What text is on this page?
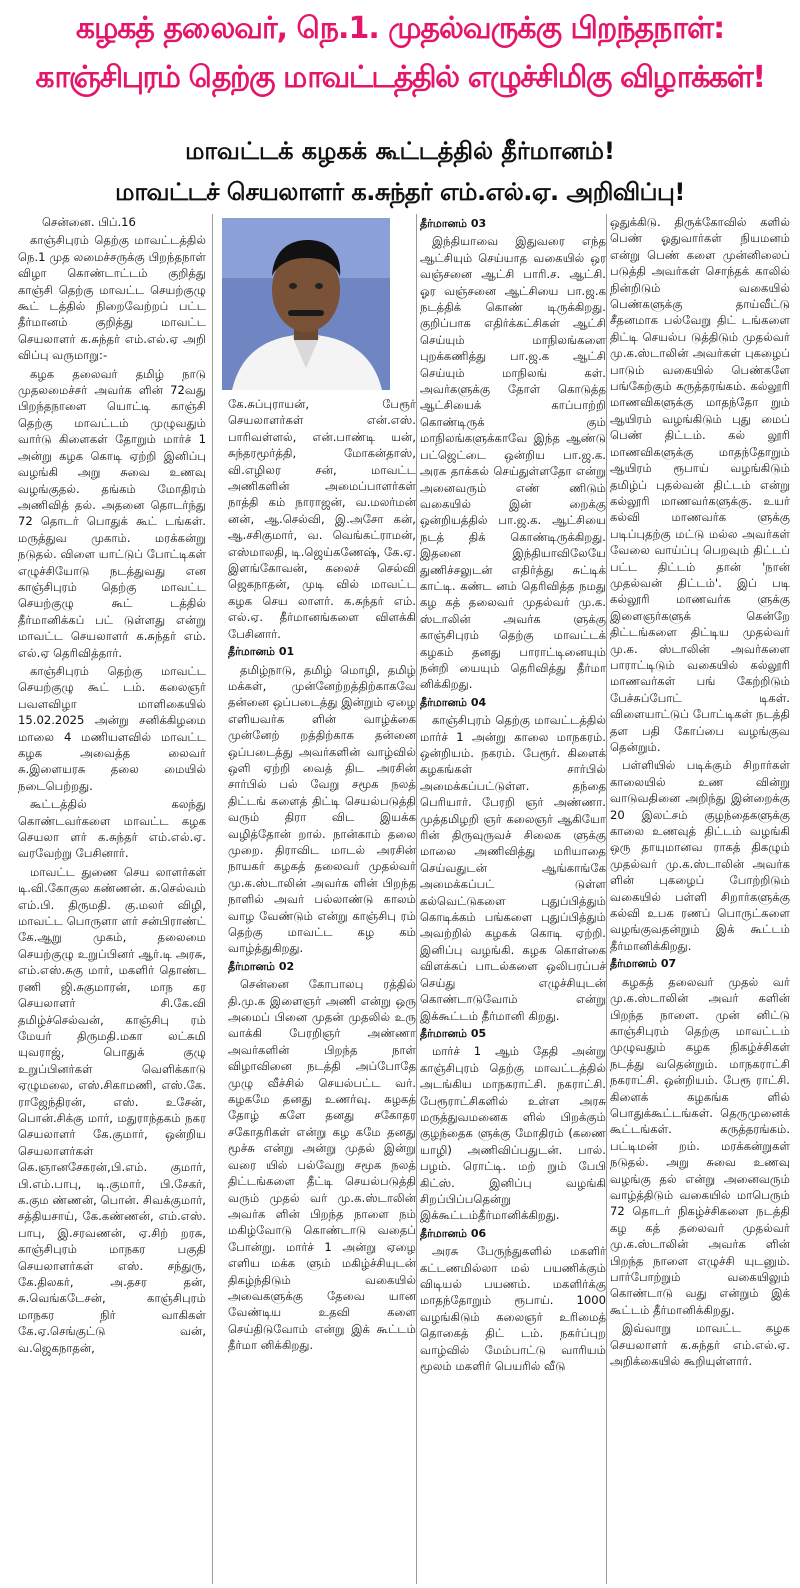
கழகத் தலைவர், நெ.1. முதல்வருக்கு பிறந்தநாள்:
காஞ்சிபுரம் தெற்கு மாவட்டத்தில் எழுச்சிமிகு விழாக்கள்!
மாவட்டக் கழகக் கூட்டத்தில் தீர்மானம்!
மாவட்டச் செயலாளர் க.சுந்தர் எம்.எல்.ஏ. அறிவிப்பு!

சென்னை. பிப்.16

காஞ்சிபுரம் தெற்கு மாவட்டத்தில் நெ.1 முத லமைச்சருக்கு பிறந்தநாள் விழா கொண்டாட்டம் குறித்து காஞ்சி தெற்கு மாவட்ட செயற்குழு கூட் டத்தில் நிறைவேற்றப் பட்ட தீர்மானம் குறித்து மாவட்ட செயலாளர் க.சுந்தர் எம்.எல்.ஏ அறி விப்பு வருமாறு:-

கழக தலைவர் தமிழ் நாடு முதலமைச்சர் அவர்க ளின் 72வது பிறந்தநாளை யொட்டி காஞ்சி தெற்கு மாவட்டம் முழுவதும் வார்டு கிளைகள் தோறும் மார்ச் 1 அன்று கழக கொடி ஏற்றி இனிப்பு வழங்கி அறு சுவை உணவு வழங்குதல். தங்கம் மோதிரம் அணிவித் தல். அதனை தொடர்ந்து 72 தொடர் பொதுக் கூட் டங்கள். மருத்துவ முகாம். மரக்கன்று நடுதல். விளை யாட்டுப் போட்டிகள் எழுச்சியோடு நடத்துவது என காஞ்சிபுரம் தெற்கு மாவட்ட செயற்குழு கூட் டத்தில் தீர்மானிக்கப் பட் டுள்ளது என்று மாவட்ட செயலாளர் க.சுந்தர் எம். எல்.ஏ தெரிவித்தார்.

காஞ்சிபுரம் தெற்கு மாவட்ட செயற்குழு கூட் டம். கலைஞர் பவளவிழா மாளிகையில் 15.02.2025 அன்று சனிக்கிழமை மாலை 4 மணியளவில் மாவட்ட கழக அவைத்த லைவர் சு.இளையரசு தலை மையில் நடைபெற்றது.

கூட்டத்தில் கலந்து கொண்டவர்களை மாவட்ட கழக செயலா ளர் க.சுந்தர் எம்.எல்.ஏ. வரவேற்று பேசினார்.

மாவட்ட துணை செய லாளர்கள் டி.வி.கோகுல கண்ணன். க.செல்வம் எம்.பி. திருமதி. கு.மலர் விழி, மாவட்ட பொருளா ளர் சன்பிராண்ட் கே.ஆறு முகம், தலைமை செயற்குழு உறுப்பினர் ஆர்.டி அரசு, எம்.எஸ்.சுகு மார், மகளிர் தொண்ட ரணி ஜி.சுகுமாரன், மாந கர செயலாளர் சி.கே.வி தமிழ்ச்செல்வன், காஞ்சிபு ரம் மேயர் திருமதி.மகா லட்சுமி யுவராஜ், பொதுக் குழு உறுப்பினர்கள் வெளிக்காடு ஏழுமலை, எஸ்.சிகாமணி, எஸ்.கே. ராஜேந்திரன், எஸ். உசேன், பொன்.சிக்கு மார், மதுராந்தகம் நகர செயலாளர் கே.குமார், ஒன்றிய செயலாளர்கள் கெ.ஞானசேகரன்,பி.எம். குமார், பி.எம்.பாபு, டி.குமார், பி.சேகர், க.கும ண்ணன், பொன். சிவக்குமார், சத்தியசாய், கே.கண்ணன், எம்.எஸ். பாபு, இ.சரவணன், ஏ.சிற் றரசு, காஞ்சிபுரம் மாநகர பகுதி செயலாளர்கள் எஸ். சந்துரு, கே.திலகர், அ.தசர தன், சு.வெங்கடேசன், காஞ்சிபுரம் மாநகர நிர் வாகிகள் கே.ஏ.செங்குட்டு வன், வ.ஜெகநாதன்,

கே.சுப்புராயன், பேரூர் செயலாளர்கள் என்.எஸ். பாரிவள்ளல், என்.பாண்டி யன், சுந்தரமூர்த்தி, மோகன்தாஸ், வி.எழிலர சன், மாவட்ட அணிகளின் அமைப்பாளர்கள் நாத்தி கம் நாராஜன், வ.மலர்மன் னன், ஆ.செல்வி, இ.அசோ கன், ஆ.சசிகுமார், வ. வெங்கட்ராமன், எஸ்மாலதி, டி.ஜெய்கணேஷ், கே.ஏ. இளங்கோவன், கலைச் செல்வி ஜெகநாதன், முடி வில் மாவட்ட கழக செய லாளர். க.சுந்தர் எம். எல்.ஏ. தீர்மானங்களை விளக்கி பேசினார்.

தீர்மானம் 01

தமிழ்நாடு, தமிழ் மொழி, தமிழ் மக்கள், முன்னேற்றத்திற்காகவே தன்னை ஒப்படைத்து இன்றும் ஏழை எளியவர்க ளின் வாழ்க்கை முன்னேற் றத்திற்காக தன்னை ஒப்படைத்து அவர்களின் வாழ்வில் ஒளி ஏற்றி வைத் திட அரசின் சார்பில் பல் வேறு சமூக நலத் திட்டங் களைத் திட்டி செயல்படுத்தி வரும் திரா விட இயக்க வழித்தோன் றால். நான்காம் தலை முறை. திராவிட மாடல் அரசின் நாயகர் கழகத் தலைவர் முதல்வர் மு.க.ஸ்டாலின் அவர்க ளின் பிறந்த நாளில் அவர் பல்லாண்டு காலம் வாழ வேண்டும் என்று காஞ்சிபு ரம் தெற்கு மாவட்ட கழ கம் வாழ்த்துகிறது.

தீர்மானம் 02

சென்னை கோபாலபு ரத்தில் தி.மு.க இளைஞர் அணி என்று ஒரு அமைப் பினை முதன் முதலில் உரு வாக்கி பேரறிஞர் அண்ணா அவர்களின் பிறந்த நாள் விழாவினை நடத்தி அப்போதே முழு வீச்சில் செயல்பட்ட வர். கழகமே தனது உணர்வு. கழகத் தோழ் களே தனது சகோதர சகோதரிகள் என்று கழ கமே தனது மூச்சு என்று அன்று முதல் இன்று வரை யில் பல்வேறு சமூக நலத் திட்டங்களை தீட்டி செயல்படுத்தி வரும் முதல் வர் மு.க.ஸ்டாலின் அவர்க ளின் பிறந்த நாளை நம் மகிழ்வோடு கொண்டாடு வதைப் போன்று. மார்ச் 1 அன்று ஏழை எளிய மக்க ளும் மகிழ்ச்சியுடன் திகழ்ந்திடும் வகையில் அவைகளுக்கு தேவை யான வேண்டிய உதவி களை செய்திடுவோம் என்று இக் கூட்டம் தீர்மா னிக்கிறது.

தீர்மானம் 03

இந்தியாவை இதுவரை எந்த ஆட்சியும் செய்யாத வகையில் ஒர வஞ்சனை ஆட்சி பாரி.ச. ஆட்சி. ஓர வஞ்சனை ஆட்சியை பா.ஜ.க நடத்திக் கொண் டிருக்கிறது. குறிப்பாக எதிர்க்கட்சிகள் ஆட்சி செய்யும் மாநிலங்களை புறக்கணித்து பா.ஜ.க ஆட்சி செய்யும் மாநிலங் கள். அவர்களுக்கு தோள் கொடுத்த ஆட்சியைக் காப்பாற்றி கொண்டிருக் கும் மாநிலங்களுக்காவே இந்த ஆண்டு பட்ஜெட்டை ஒன்றிய பா.ஜ.க. அரசு தாக்கல் செய்துள்ளதோ என்று அனைவரும் எண் ணிடும் வகையில் இன் றைக்கு ஒன்றியத்தில் பா.ஜ.க. ஆட்சியை நடத் திக் கொண்டிருக்கிறது. இதனை இந்தியாவிலேயே துணிச்சலுடன் எதிர்த்து சுட்டிக் காட்டி. கண்ட னம் தெரிவித்த நமது கழ கத் தலைவர் முதல்வர் மு.க. ஸ்டாலின் அவர்க ளுக்கு காஞ்சிபுரம் தெற்கு மாவட்டக் கழகம் தனது பாராட்டினையும் நன்றி யையும் தெரிவித்து தீர்மா னிக்கிறது.

தீர்மானம் 04

காஞ்சிபுரம் தெற்கு மாவட்டத்தில் மார்ச் 1 அன்று காலை மாநகரம். ஒன்றியம். நகரம். பேரூர். கிளைக் கழகங்கள் சார்பில் அமைக்கப்பட்டுள்ள. தந்தை பெரியார். பேரறி ஞர் அண்ணா. முத்தமிழறி ஞர் கலைஞர் ஆகியோ ரின் திருவுருவச் சிலைக ளுக்கு மாலை அணிவித்து மரியாதை செய்வதுடன் ஆங்காங்கே அமைக்கப்பட் டுள்ள கல்வெட்டுகளை புதுப்பித்தும் கொடிக்கம் பங்களை புதுப்பித்தும் அவற்றில் கழகக் கொடி ஏற்றி. இனிப்பு வழங்கி. கழக கொள்கை விளக்கப் பாடல்களை ஒலிபரப்பச் செய்து எழுச்சியுடன் கொண்டாடுவோம் என்று இக்கூட்டம் தீர்மானி கிறது.

தீர்மானம் 05

மார்ச் 1 ஆம் தேதி அன்று காஞ்சிபுரம் தெற்கு மாவட்டத்தில் அடங்கிய மாநகராட்சி. நகராட்சி. பேரூராட்சிகளில் உள்ள அரசு மருத்துவமனைக ளில் பிறக்கும் குழந்தைக ளுக்கு மோதிரம் (கணை யாழி) அணிவிப்பதுடன். பால். பழம். ரொட்டி. மற் றும் பேபி கிட்ஸ். இனிப்பு வழங்கி சிறப்பிப்பதென்று இக்கூட்டம்தீர்மானிக்கிறது.

தீர்மானம் 06

அரசு பேருந்துகளில் மகளிர் கட்டணமில்லா மல் பயணிக்கும் விடியல் பயணம். மகளிர்க்கு மாதந்தோறும் ரூபாய். 1000 வழங்கிடும் கலைஞர் உரிமைத் தொகைத் திட் டம். நகர்ப்புற வாழ்வில் மேம்பாட்டு வாரியம் மூலம் மகளிர் பெயரில் வீடு

ஒதுக்கிடு. திருக்கோவில் களில் பெண் ஓதுவார்கள் நியமனம் என்று பெண் களை முன்னிலைப் படுத்தி அவர்கள் சொந்தக் காலில் நின்றிடும் வகையில் பெண்களுக்கு தாய்வீட்டு சீதனமாக பல்வேறு திட் டங்களை திட்டி செயல்ப டுத்திடும் முதல்வர் மு.க.ஸ்டாலின் அவர்கள் புகழைப் பாடும் வகையில் பெண்களே பங்கேற்கும் கருத்தரங்கம். கல்லூரி மாணவிகளுக்கு மாதந்தோ றும் ஆயிரம் வழங்கிடும் புது மைப் பெண் திட்டம். கல் லூரி மாணவிகளுக்கு மாதந்தோறும் ஆயிரம் ரூபாய் வழங்கிடும் தமிழ்ப் புதல்வன் திட்டம் என்று கல்லூரி மாணவர்களுக்கு. உயர் கல்வி மாணவர்க ளுக்கு படிப்புதற்கு மட்டு மல்ல அவர்கள் வேலை வாய்ப்பு பெறவும் திட்டப் பட்ட திட்டம் தான் 'நான் முதல்வன் திட்டம்'. இப் படி கல்லூரி மாணவர்க ளுக்கு இளைஞர்களுக் கென்றே திட்டங்களை திட்டிய முதல்வர் மு.க. ஸ்டாலின் அவர்களை பாராட்டிடும் வகையில் கல்லூரி மாணவர்கள் பங் கேற்றிடும் பேச்சுப்போட் டிகள். விளையாட்டுப் போட்டிகள் நடத்தி தள பதி கோப்பை வழங்குவ தென்றும்.

பள்ளியில் படிக்கும் சிறார்கள் காலையில் உண வின்று வாடுவதினை அறிந்து இன்றைக்கு 20 இலட்சம் குழந்தைகளுக்கு காலை உணவுத் திட்டம் வழங்கி ஒரு தாயுமானவ ராகத் திகழும் முதல்வர் மு.க.ஸ்டாலின் அவர்க ளின் புகழைப் போற்றிடும் வகையில் பள்ளி சிறார்களுக்கு கல்வி உபக ரணப் பொருட்களை வழங்குவதன்றும் இக் கூட்டம் தீர்மானிக்கிறது.

தீர்மானம் 07

கழகத் தலைவர் முதல் வர் மு.க.ஸ்டாலின் அவர் களின் பிறந்த நாளை. முன் னிட்டு காஞ்சிபுரம் தெற்கு மாவட்டம் முழுவதும் கழக நிகழ்ச்சிகள் நடத்து வதென்றும். மாநகராட்சி நகராட்சி. ஒன்றியம். பேரூ ராட்சி. கிளைக் கழகங்க ளில் பொதுக்கூட்டங்கள். தெருமுனைக் கூட்டங்கள். கருத்தரங்கம். பட்டிமன் றம். மரக்கன்றுகள் நடுதல். அறு சுவை உணவு வழங்கு தல் என்று அனைவரும் வாழ்த்திடும் வகையில் மாபெரும் 72 தொடர் நிகழ்ச்சிகளை நடத்தி கழ கத் தலைவர் முதல்வர் மு.க.ஸ்டாலின் அவர்க ளின் பிறந்த நாளை எழுச்சி யுடனும். பார்போற்றும் வகையிலும் கொண்டாடு வது என்றும் இக் கூட்டம் தீர்மானிக்கிறது.

இவ்வாறு மாவட்ட கழக செயலாளர் க.சுந்தர் எம்.எல்.ஏ. அறிக்கையில் கூறியுள்ளார்.
